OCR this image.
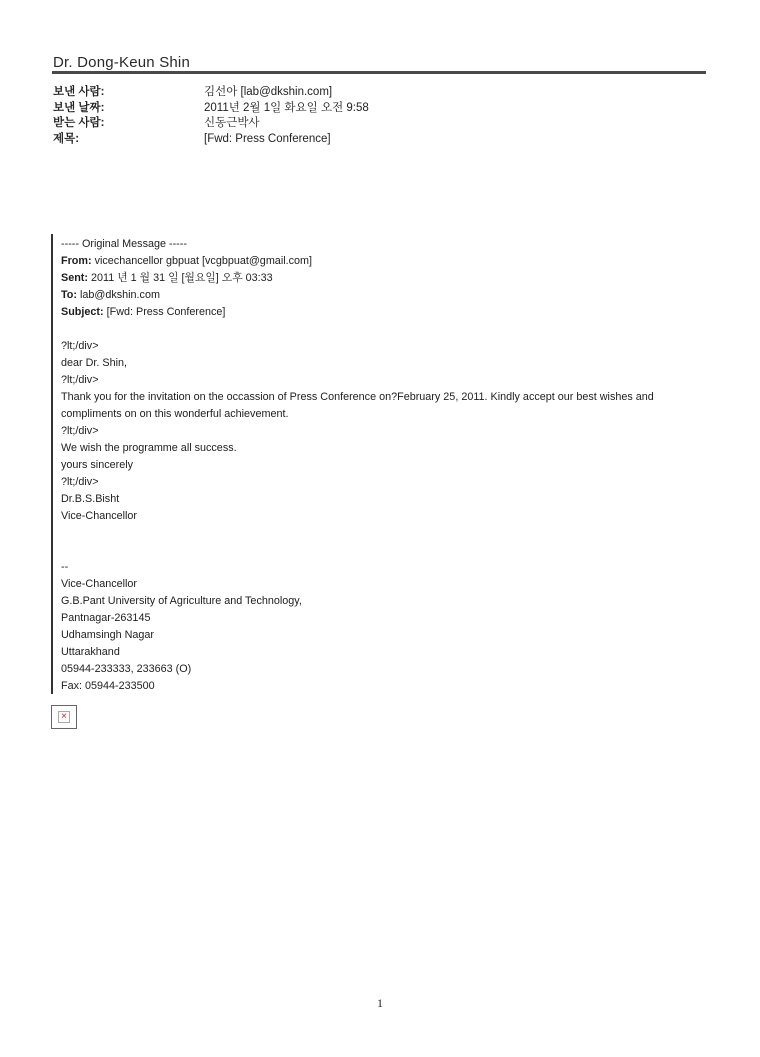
Dr. Dong-Keun Shin
보낸 사람:	김선아 [lab@dkshin.com]
보낸 날짜:	2011년 2월 1일 화요일 오전 9:58
받는 사람:	신동근박사
제목:	[Fwd: Press Conference]
----- Original Message -----
From: vicechancellor gbpuat [vcgbpuat@gmail.com]
Sent: 2011 년 1 월 31 일 [월요일] 오후 03:33
To: lab@dkshin.com
Subject: [Fwd: Press Conference]
?lt;/div>
dear Dr. Shin,
?lt;/div>
Thank you for the invitation on the occassion of Press Conference on?February 25, 2011. Kindly accept our best wishes and compliments on on this wonderful achievement.
?lt;/div>
We wish the programme all success.
yours sincerely
?lt;/div>
Dr.B.S.Bisht
Vice-Chancellor
--
Vice-Chancellor
G.B.Pant University of Agriculture and Technology,
Pantnagar-263145
Udhamsingh Nagar
Uttarakhand
05944-233333, 233663 (O)
Fax: 05944-233500
×
1
